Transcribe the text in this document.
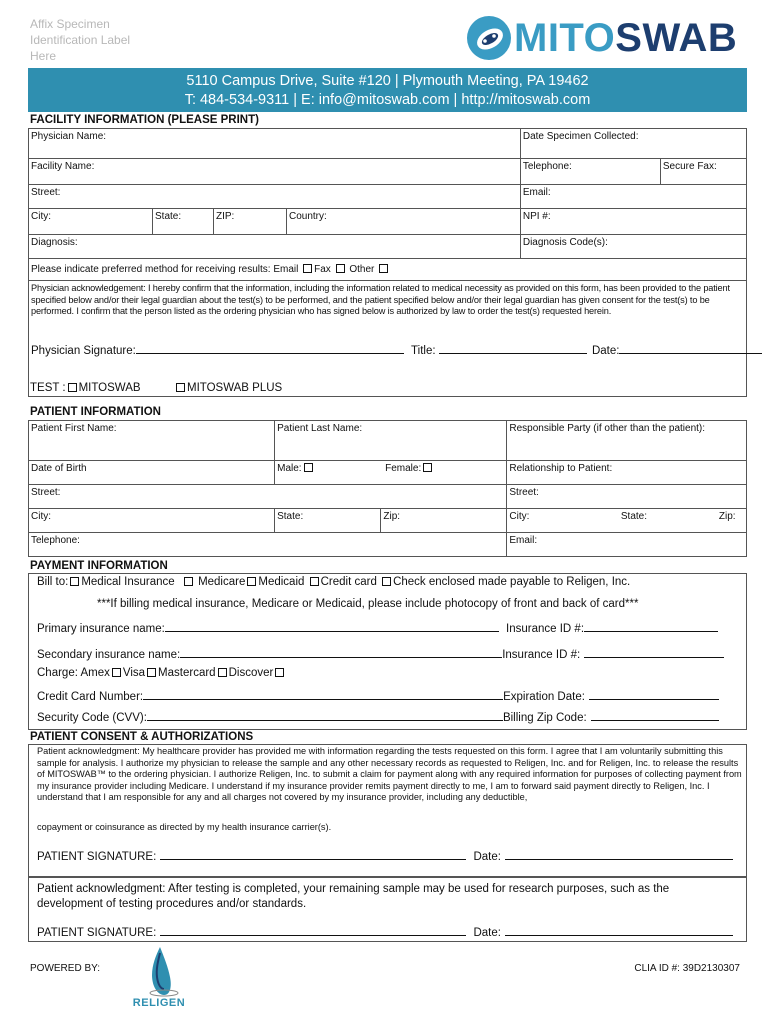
Affix Specimen
Identification Label
Here	MITOSWAB
5110 Campus Drive, Suite #120 | Plymouth Meeting, PA 19462
T: 484-534-9311 | E: info@mitoswab.com | http://mitoswab.com
FACILITY INFORMATION (PLEASE PRINT)
Physician Name:				Date Specimen Collected:	
Facility Name:				Telephone:	Secure Fax:
Street:				Email:	
City:	State:	ZIP:	Country:	NPI #:	
Diagnosis:				Diagnosis Code(s):	
Please indicate preferred method for receiving results: Email Fax Other					
Physician acknowledgement: I hereby confirm that the information, including the information related to medical necessity as provided on this form, has been provided to the patient specified below and/or their legal guardian about the test(s) to be performed, and the patient specified below and/or their legal guardian has given consent for the test(s) to be performed. I confirm that the person listed as the ordering physician who has signed below is authorized by law to order the test(s) requested herein.
Physician Signature:	Title:	Date:
TEST : MITOSWAB	MITOSWAB PLUS
PATIENT INFORMATION
Patient First Name:	Patient Last Name:		Responsible Party (if other than the patient):		
Date of Birth	Male: Female:		Relationship to Patient:		
Street:			Street:		
City:	State:	Zip:	City:	State:	Zip:
Telephone:			Email:		
PAYMENT INFORMATION
Bill to: Medical Insurance Medicare Medicaid Credit card Check enclosed made payable to Religen, Inc.
***If billing medical insurance, Medicare or Medicaid, please include photocopy of front and back of card***
Primary insurance name:	Insurance ID #:
Secondary insurance name:	Insurance ID #:
Charge: Amex Visa Mastercard Discover
Credit Card Number:	Expiration Date:
Security Code (CVV):	Billing Zip Code:
PATIENT CONSENT & AUTHORIZATIONS
Patient acknowledgment: My healthcare provider has provided me with information regarding the tests requested on this form. I agree that I am voluntarily submitting this sample for analysis. I authorize my physician to release the sample and any other necessary records as requested to Religen, Inc. and for Religen, Inc. to release the results of MITOSWAB™ to the ordering physician. I authorize Religen, Inc. to submit a claim for payment along with any required information for purposes of collecting payment from my insurance provider including Medicare. I understand if my insurance provider remits payment directly to me, I am to forward said payment directly to Religen, Inc. I understand that I am responsible for any and all charges not covered by my insurance provider, including any deductible,
copayment or coinsurance as directed by my health insurance carrier(s).
PATIENT SIGNATURE:	Date:
Patient acknowledgment: After testing is completed, your remaining sample may be used for research purposes, such as the development of testing procedures and/or standards.
PATIENT SIGNATURE:	Date:
POWERED BY:
RELIGEN
CLIA ID #: 39D2130307
